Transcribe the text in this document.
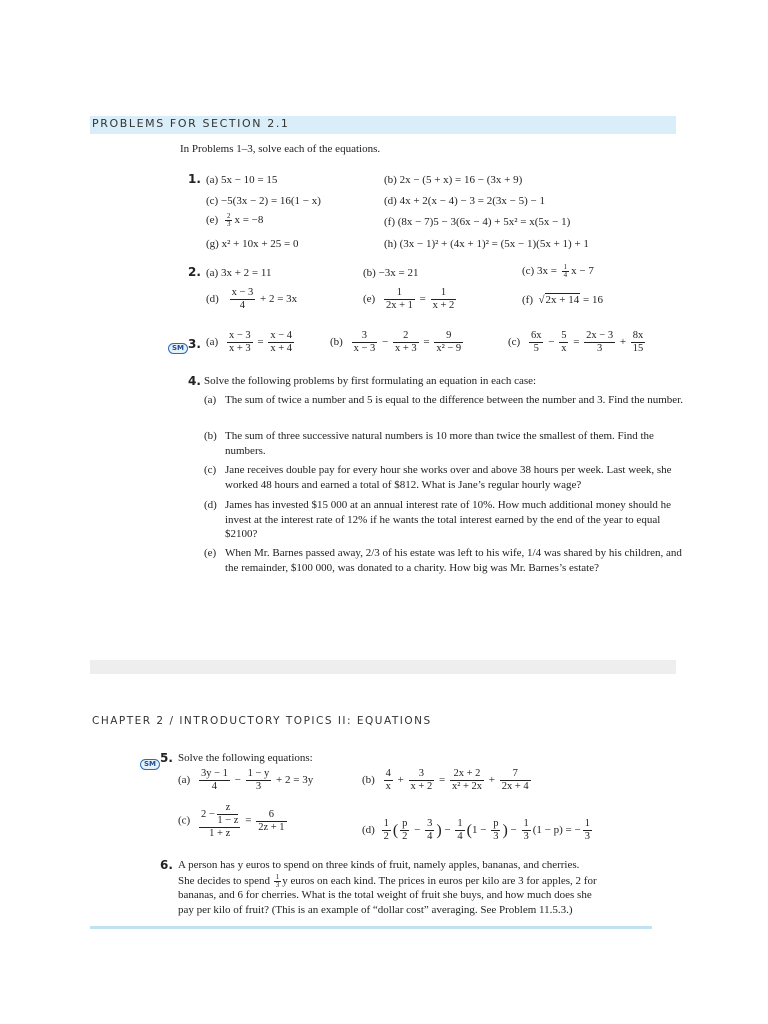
PROBLEMS FOR SECTION 2.1
In Problems 1–3, solve each of the equations.
1. (a) 5x − 10 = 15	(b) 2x − (5 + x) = 16 − (3x + 9)
(c) −5(3x − 2) = 16(1 − x)	(d) 4x + 2(x − 4) − 3 = 2(3x − 5) − 1
$(e) \frac{2}{3}$ x = −8	(f) (8x − 7)5 − 3(6x − 4) + 5x² = x(5x − 1)
(g) x² + 10x + 25 = 0	(h) (3x − 1)² + (4x + 1)² = (5x − 1)(5x + 1) + 1
2. (a) 3x + 2 = 11	(b) −3x = 21	(c) $3x = \frac{1}{4}$ x − 7
$(d) \frac{x - 3}{4} + 2 = 3x$	$(e) \frac{1}{2x + 1} = \frac{1}{x + 2}$	(f)  √2x + 14 = 16
SM 3. $(a) \frac{x - 3}{x + 3} = \frac{x - 4}{x + 4}$	$(b) \frac{3}{x - 3} - \frac{2}{x + 3} = \frac{9}{\text{x² − 9}}$	$(c) \frac{6x}{5} - \frac{5}{x} = \frac{2x - 3}{3} + \frac{8x}{15}$
4. Solve the following problems by first formulating an equation in each case:
(a) The sum of twice a number and 5 is equal to the difference between the number and 3. Find the number.
(b) The sum of three successive natural numbers is 10 more than twice the smallest of them. Find the numbers.
(c) Jane receives double pay for every hour she works over and above 38 hours per week. Last week, she worked 48 hours and earned a total of $812. What is Jane’s regular hourly wage?
(d) James has invested $15 000 at an annual interest rate of 10%. How much additional money should he invest at the interest rate of 12% if he wants the total interest earned by the end of the year to equal $2100?
(e) When Mr. Barnes passed away, 2/3 of his estate was left to his wife, 1/4 was shared by his children, and the remainder, $100 000, was donated to a charity. How big was Mr. Barnes’s estate?
CHAPTER 2 / INTRODUCTORY TOPICS II: EQUATIONS
SM 5. Solve the following equations:
$(a) \frac{3y - 1}{4} - \frac{1 - y}{3} + 2 = 3y$	$(b) \frac{4}{x} + \frac{3}{x + 2} = \frac{2x + 2}{\text{x² + 2x}} + \frac{7}{2x + 4}$
$(c) \frac{2 - \frac{z}{1 - z}}{1 + z} = \frac{6}{2z + 1}$	$(d) \frac{1}{2}$ ( $\frac{p}{2} - \frac{3}{4}$ ) − $\frac{1}{4} (1 - \frac{p}{3}$ ) − $\frac{1}{3} (1 - p)$ = − $\frac{1}{3}$
6. A person has y euros to spend on three kinds of fruit, namely apples, bananas, and cherries.
She decides to spend $\frac{1}{3}$ y euros on each kind. The prices in euros per kilo are 3 for apples, 2 for
bananas, and 6 for cherries. What is the total weight of fruit she buys, and how much does she
pay per kilo of fruit? (This is an example of “dollar cost” averaging. See Problem 11.5.3.)
